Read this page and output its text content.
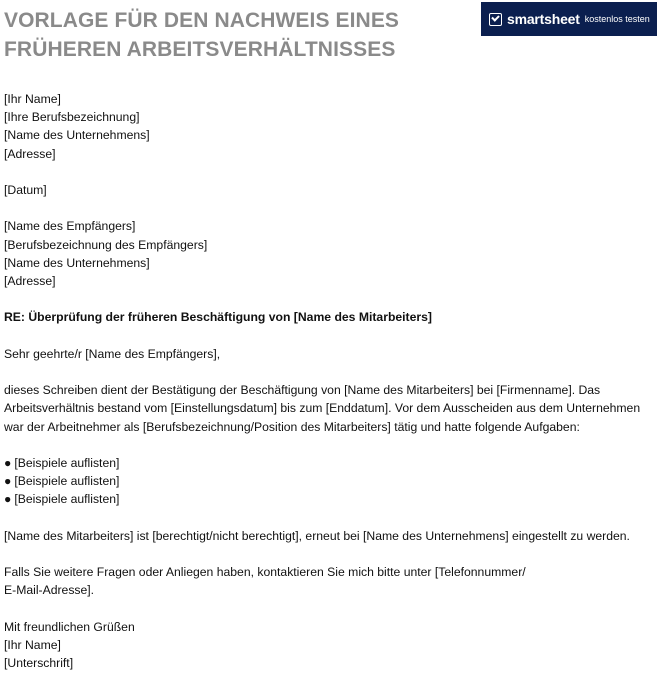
VORLAGE FÜR DEN NACHWEIS EINES
FRÜHEREN ARBEITSVERHÄLTNISSES
smartsheet kostenlos testen
[Ihr Name]
[Ihre Berufsbezeichnung]
[Name des Unternehmens]
[Adresse]
[Datum]
[Name des Empfängers]
[Berufsbezeichnung des Empfängers]
[Name des Unternehmens]
[Adresse]
RE: Überprüfung der früheren Beschäftigung von [Name des Mitarbeiters]
Sehr geehrte/r [Name des Empfängers],
dieses Schreiben dient der Bestätigung der Beschäftigung von [Name des Mitarbeiters] bei [Firmenname]. Das
Arbeitsverhältnis bestand vom [Einstellungsdatum] bis zum [Enddatum]. Vor dem Ausscheiden aus dem Unternehmen
war der Arbeitnehmer als [Berufsbezeichnung/Position des Mitarbeiters] tätig und hatte folgende Aufgaben:
● [Beispiele auflisten]
● [Beispiele auflisten]
● [Beispiele auflisten]
[Name des Mitarbeiters] ist [berechtigt/nicht berechtigt], erneut bei [Name des Unternehmens] eingestellt zu werden.
Falls Sie weitere Fragen oder Anliegen haben, kontaktieren Sie mich bitte unter [Telefonnummer/
E-Mail-Adresse].
Mit freundlichen Grüßen
[Ihr Name]
[Unterschrift]
